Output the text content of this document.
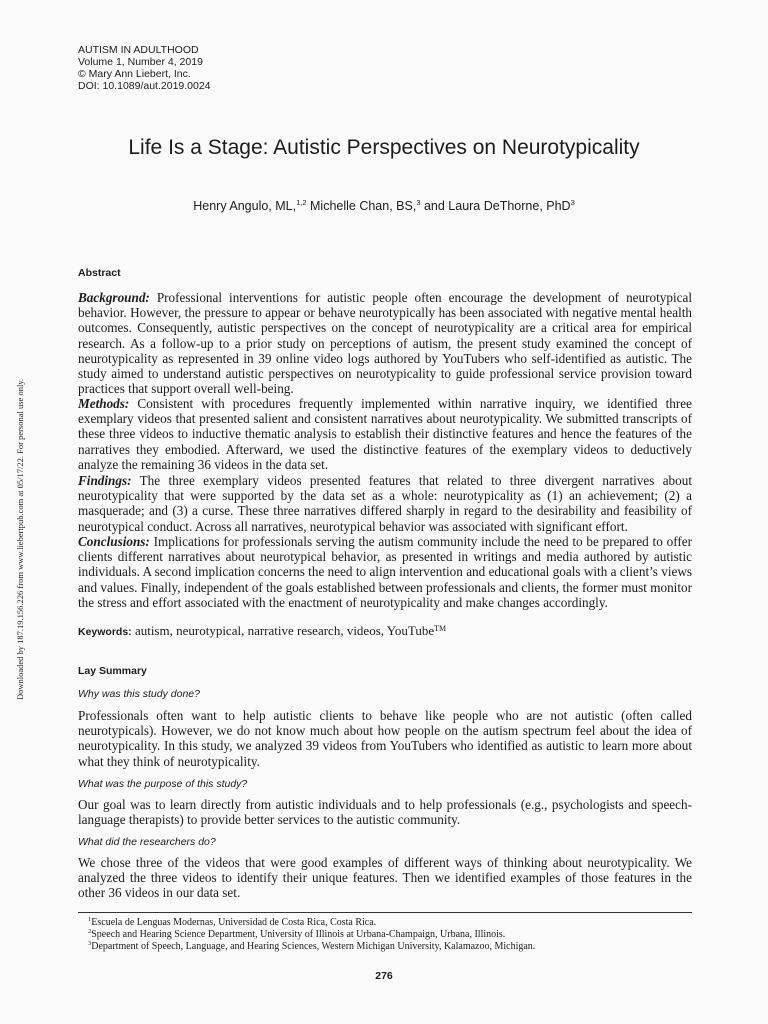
AUTISM IN ADULTHOOD
Volume 1, Number 4, 2019
© Mary Ann Liebert, Inc.
DOI: 10.1089/aut.2019.0024
Life Is a Stage: Autistic Perspectives on Neurotypicality
Henry Angulo, ML,$^{1,2}$ Michelle Chan, BS,$^3$ and Laura DeThorne, PhD$^3$
Downloaded by 187.19.156.226 from www.liebertpub.com at 05/17/22. For personal use only.
Abstract

Background: Professional interventions for autistic people often encourage the development of neurotypical behavior. However, the pressure to appear or behave neurotypically has been associated with negative mental health outcomes. Consequently, autistic perspectives on the concept of neurotypicality are a critical area for empirical research. As a follow-up to a prior study on perceptions of autism, the present study examined the concept of neurotypicality as represented in 39 online video logs authored by YouTubers who self-identified as autistic. The study aimed to understand autistic perspectives on neurotypicality to guide professional service provision toward practices that support overall well-being.

Methods: Consistent with procedures frequently implemented within narrative inquiry, we identified three exemplary videos that presented salient and consistent narratives about neurotypicality. We submitted transcripts of these three videos to inductive thematic analysis to establish their distinctive features and hence the features of the narratives they embodied. Afterward, we used the distinctive features of the exemplary videos to deductively analyze the remaining 36 videos in the data set.

Findings: The three exemplary videos presented features that related to three divergent narratives about neurotypicality that were supported by the data set as a whole: neurotypicality as (1) an achievement; (2) a masquerade; and (3) a curse. These three narratives differed sharply in regard to the desirability and feasibility of neurotypical conduct. Across all narratives, neurotypical behavior was associated with significant effort.

Conclusions: Implications for professionals serving the autism community include the need to be prepared to offer clients different narratives about neurotypical behavior, as presented in writings and media authored by autistic individuals. A second implication concerns the need to align intervention and educational goals with a client’s views and values. Finally, independent of the goals established between professionals and clients, the former must monitor the stress and effort associated with the enactment of neurotypicality and make changes accordingly.

Keywords: autism, neurotypical, narrative research, videos, YouTube™
Lay Summary
Why was this study done?

Professionals often want to help autistic clients to behave like people who are not autistic (often called neurotypicals). However, we do not know much about how people on the autism spectrum feel about the idea of neurotypicality. In this study, we analyzed 39 videos from YouTubers who identified as autistic to learn more about what they think of neurotypicality.

What was the purpose of this study?

Our goal was to learn directly from autistic individuals and to help professionals (e.g., psychologists and speech-language therapists) to provide better services to the autistic community.

What did the researchers do?

We chose three of the videos that were good examples of different ways of thinking about neurotypicality. We analyzed the three videos to identify their unique features. Then we identified examples of those features in the other 36 videos in our data set.

$^1$Escuela de Lenguas Modernas, Universidad de Costa Rica, Costa Rica.
$^2$Speech and Hearing Science Department, University of Illinois at Urbana-Champaign, Urbana, Illinois.
$^3$Department of Speech, Language, and Hearing Sciences, Western Michigan University, Kalamazoo, Michigan.
276
